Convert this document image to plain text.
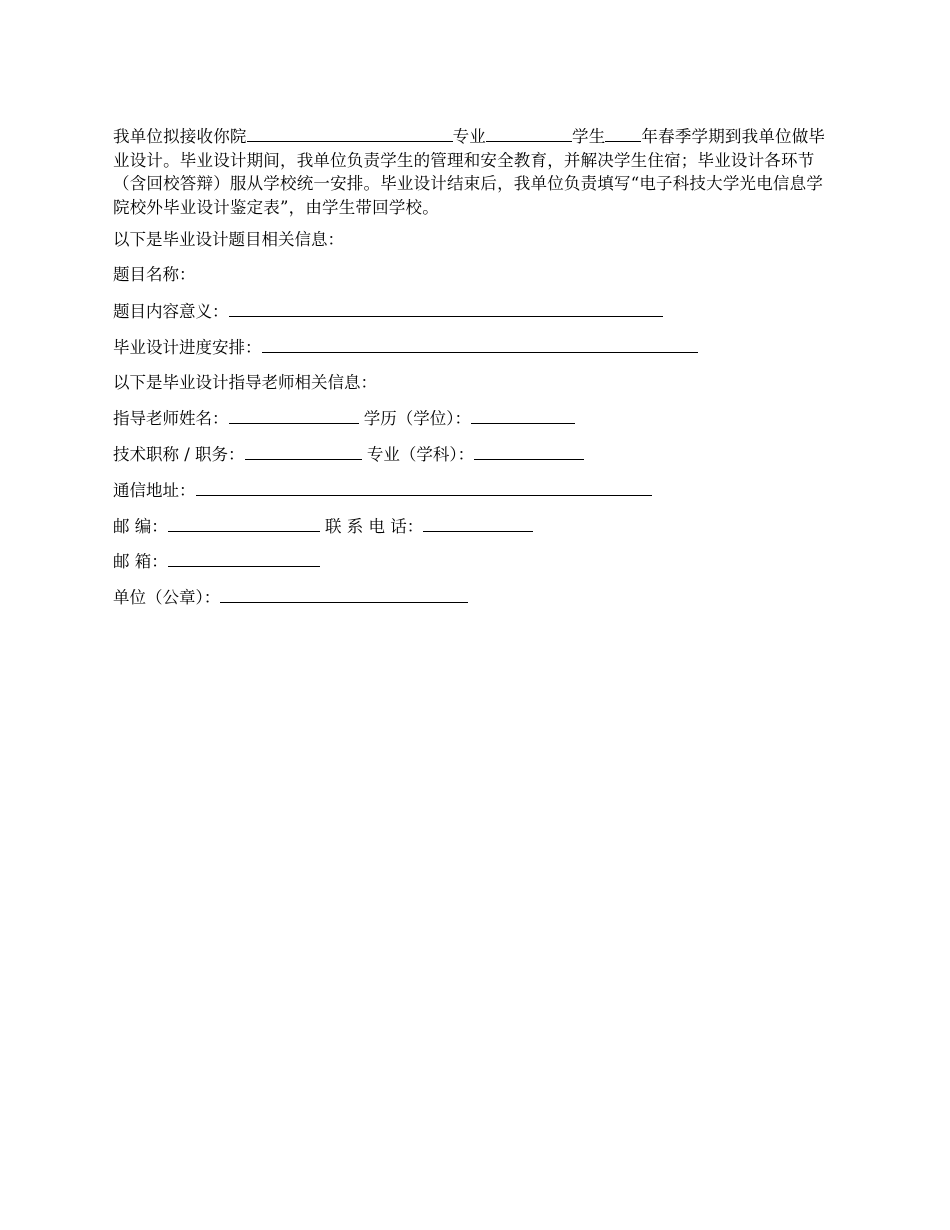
我单位拟接收你院	专业	学生 年春季学期到我单位做毕业设计。毕业设计期间，我单位负责学生的管理和安全教育，并解决学生住宿；毕业设计各环节（含回校答辩）服从学校统一安排。毕业设计结束后，我单位负责填写“电子科技大学光电信息学院校外毕业设计鉴定表”，由学生带回学校。
以下是毕业设计题目相关信息：
题目名称：
题目内容意义：
毕业设计进度安排：
以下是毕业设计指导老师相关信息：
指导老师姓名：	学历（学位）：
技术职称 / 职务：	专业（学科）：
通信地址：
邮 编：	联 系 电 话：
邮 箱：
单位（公章）：
